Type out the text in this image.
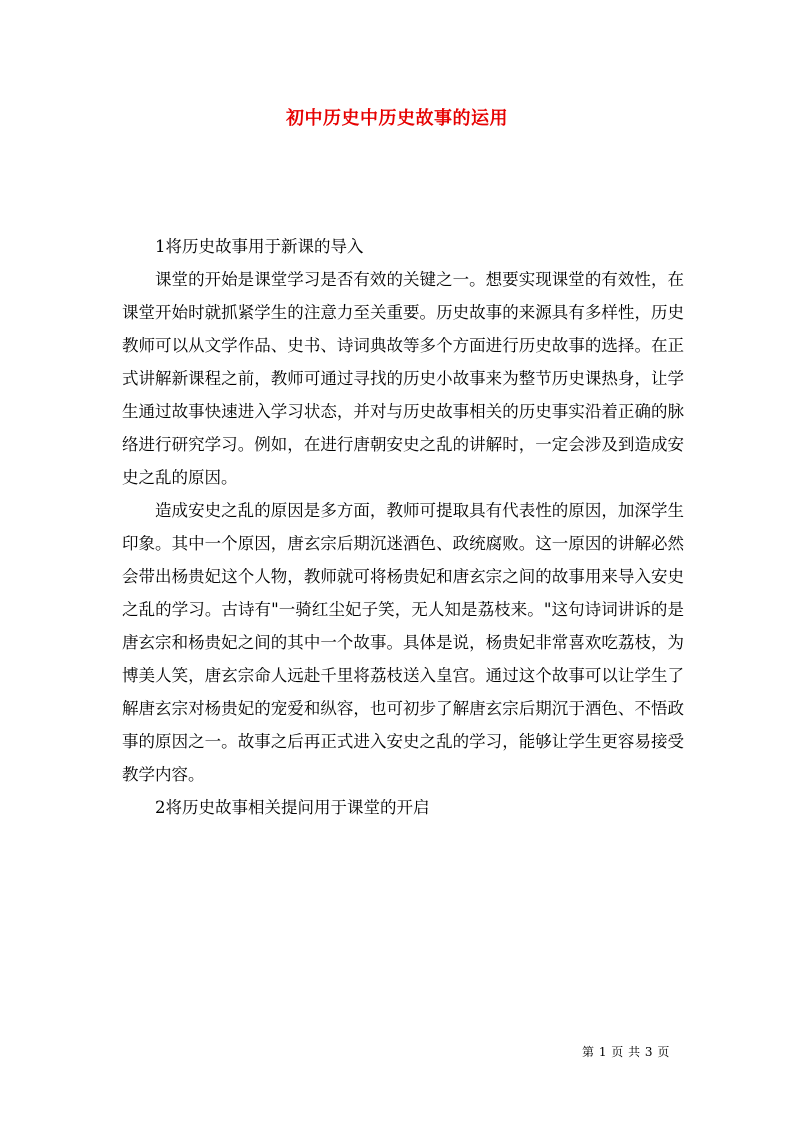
初中历史中历史故事的运用

1将历史故事用于新课的导入

课堂的开始是课堂学习是否有效的关键之一。想要实现课堂的有效性，在课堂开始时就抓紧学生的注意力至关重要。历史故事的来源具有多样性，历史教师可以从文学作品、史书、诗词典故等多个方面进行历史故事的选择。在正式讲解新课程之前，教师可通过寻找的历史小故事来为整节历史课热身，让学生通过故事快速进入学习状态，并对与历史故事相关的历史事实沿着正确的脉络进行研究学习。例如，在进行唐朝安史之乱的讲解时，一定会涉及到造成安史之乱的原因。

造成安史之乱的原因是多方面，教师可提取具有代表性的原因，加深学生印象。其中一个原因，唐玄宗后期沉迷酒色、政统腐败。这一原因的讲解必然会带出杨贵妃这个人物，教师就可将杨贵妃和唐玄宗之间的故事用来导入安史之乱的学习。古诗有"一骑红尘妃子笑，无人知是荔枝来。"这句诗词讲诉的是唐玄宗和杨贵妃之间的其中一个故事。具体是说，杨贵妃非常喜欢吃荔枝，为博美人笑，唐玄宗命人远赴千里将荔枝送入皇宫。通过这个故事可以让学生了解唐玄宗对杨贵妃的宠爱和纵容，也可初步了解唐玄宗后期沉于酒色、不悟政事的原因之一。故事之后再正式进入安史之乱的学习，能够让学生更容易接受教学内容。

2将历史故事相关提问用于课堂的开启

第 1 页 共 3 页
